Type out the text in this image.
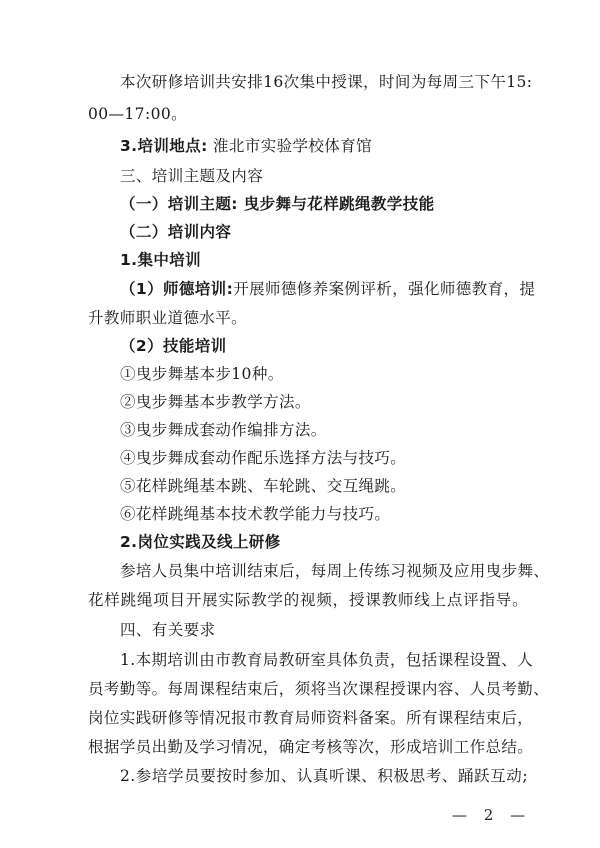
本次研修培训共安排16次集中授课，时间为每周三下午15:
00—17:00。
3.培训地点: 淮北市实验学校体育馆
三、培训主题及内容
（一）培训主题: 曳步舞与花样跳绳教学技能
（二）培训内容
1.集中培训
（1）师德培训:开展师德修养案例评析，强化师德教育，提
升教师职业道德水平。
（2）技能培训
①曳步舞基本步10种。
②曳步舞基本步教学方法。
③曳步舞成套动作编排方法。
④曳步舞成套动作配乐选择方法与技巧。
⑤花样跳绳基本跳、车轮跳、交互绳跳。
⑥花样跳绳基本技术教学能力与技巧。
2.岗位实践及线上研修
参培人员集中培训结束后，每周上传练习视频及应用曳步舞、
花样跳绳项目开展实际教学的视频，授课教师线上点评指导。
四、有关要求
1.本期培训由市教育局教研室具体负责，包括课程设置、人
员考勤等。每周课程结束后，须将当次课程授课内容、人员考勤、
岗位实践研修等情况报市教育局师资料备案。所有课程结束后，
根据学员出勤及学习情况，确定考核等次，形成培训工作总结。
2.参培学员要按时参加、认真听课、积极思考、踊跃互动;
— 2 —
